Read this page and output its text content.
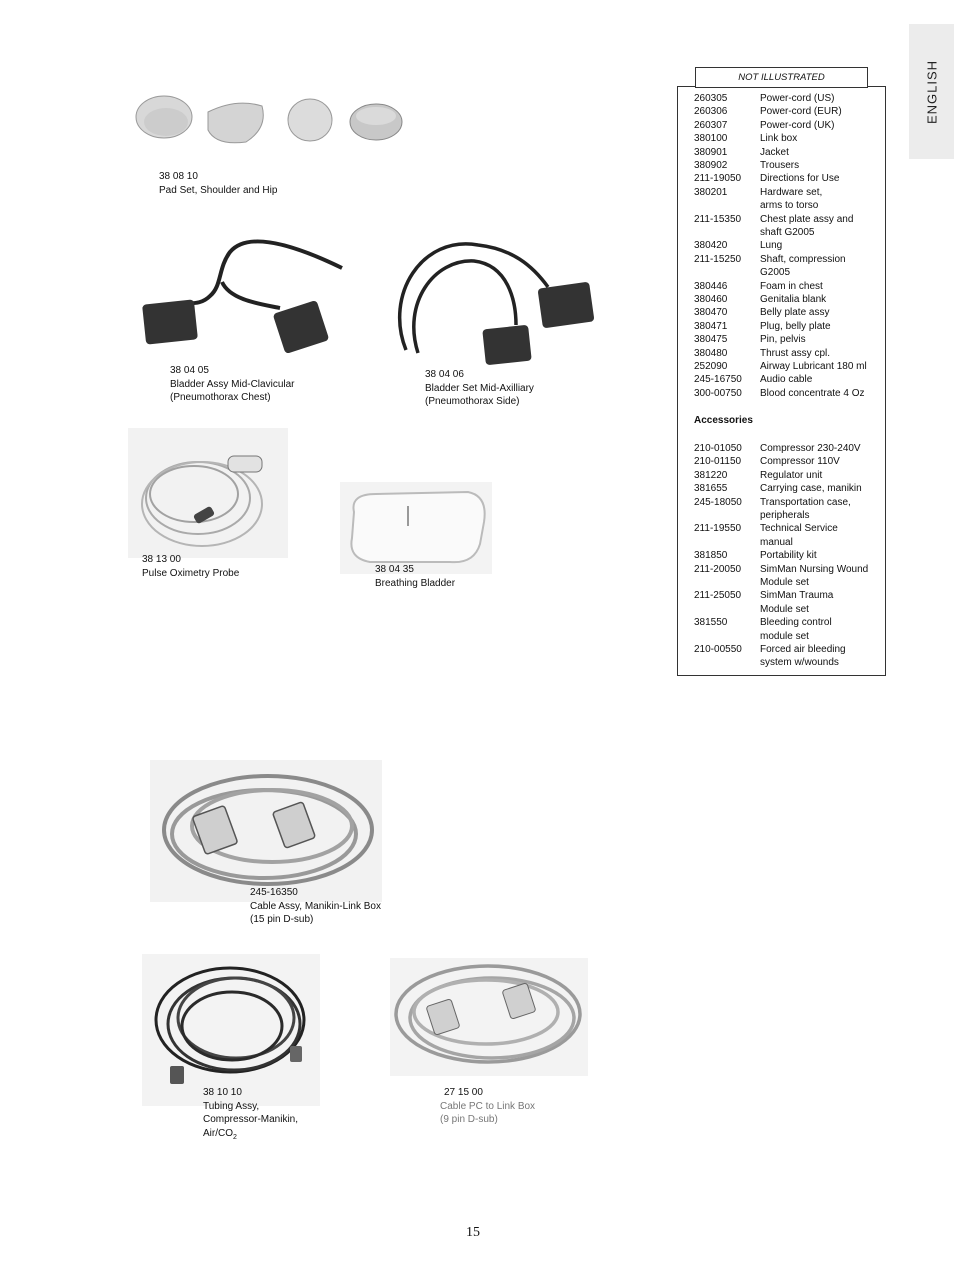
ENGLISH
38 08 10
Pad Set, Shoulder and Hip
38 04 05
Bladder Assy Mid-Clavicular
(Pneumothorax Chest)
38 04 06
Bladder Set Mid-Axilliary
(Pneumothorax Side)
38 13 00
Pulse Oximetry Probe	38 04 35
Breathing Bladder
245-16350
Cable Assy, Manikin-Link Box
(15 pin D-sub)
38 10 10
Tubing Assy,
Compressor-Manikin,
Air/$CO_2$
27 15 00
Cable PC to Link Box
(9 pin D-sub)
NOT ILLUSTRATED
260305	Power-cord (US)
260306	Power-cord (EUR)
260307	Power-cord (UK)
380100	Link box
380901	Jacket
380902	Trousers
211-19050	Directions for Use
380201	Hardware set,
arms to torso
211-15350	Chest plate assy and
shaft G2005
380420	Lung
211-15250	Shaft, compression
G2005
380446	Foam in chest
380460	Genitalia blank
380470	Belly plate assy
380471	Plug, belly plate
380475	Pin, pelvis
380480	Thrust assy cpl.
252090	Airway Lubricant 180 ml
245-16750	Audio cable
300-00750	Blood concentrate 4 Oz
Accessories
210-01050	Compressor 230-240V
210-01150	Compressor 110V
381220	Regulator unit
381655	Carrying case, manikin
245-18050	Transportation case,
peripherals
211-19550	Technical Service
manual
381850	Portability kit
211-20050	SimMan Nursing Wound
Module set
211-25050	SimMan Trauma
Module set
381550	Bleeding control
module set
210-00550	Forced air bleeding
system w/wounds
15
